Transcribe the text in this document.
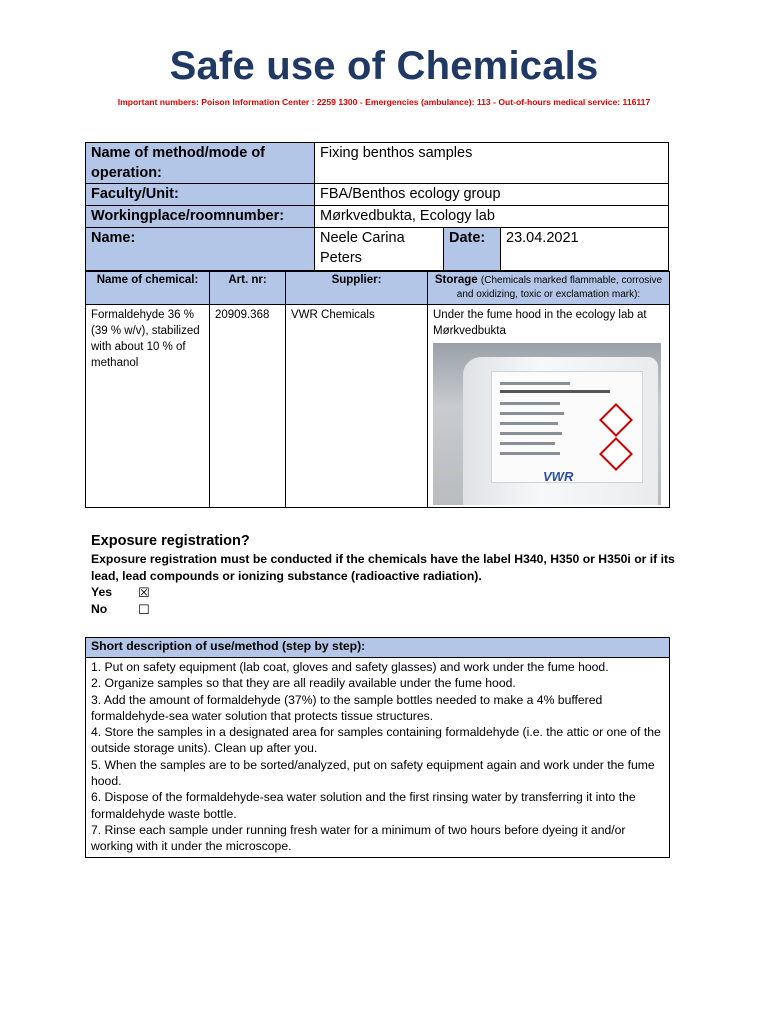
Safe use of Chemicals
Important numbers: Poison Information Center : 2259 1300 - Emergencies (ambulance): 113 - Out-of-hours medical service: 116117
Name of method/mode of operation:	Fixing benthos samples		
Faculty/Unit:	FBA/Benthos ecology group		
Workingplace/roomnumber:	Mørkvedbukta, Ecology lab		
Name:	Neele Carina Peters	Date:	23.04.2021
Name of chemical:	Art. nr:	Supplier:	Storage (Chemicals marked flammable, corrosive and oxidizing, toxic or exclamation mark):
Formaldehyde 36 % (39 % w/v), stabilized with about 10 % of methanol	20909.368	VWR Chemicals	Under the fume hood in the ecology lab at Mørkvedbukta
VWR
Exposure registration?
Exposure registration must be conducted if the chemicals have the label H340, H350 or H350i or if its lead, lead compounds or ionizing substance (radioactive radiation).
Yes ☒
No ☐
Short description of use/method (step by step):

1. Put on safety equipment (lab coat, gloves and safety glasses) and work under the fume hood.
2. Organize samples so that they are all readily available under the fume hood.
3. Add the amount of formaldehyde (37%) to the sample bottles needed to make a 4% buffered formaldehyde-sea water solution that protects tissue structures.
4. Store the samples in a designated area for samples containing formaldehyde (i.e. the attic or one of the outside storage units). Clean up after you.
5. When the samples are to be sorted/analyzed, put on safety equipment again and work under the fume hood.
6. Dispose of the formaldehyde-sea water solution and the first rinsing water by transferring it into the formaldehyde waste bottle.
7. Rinse each sample under running fresh water for a minimum of two hours before dyeing it and/or working with it under the microscope.
